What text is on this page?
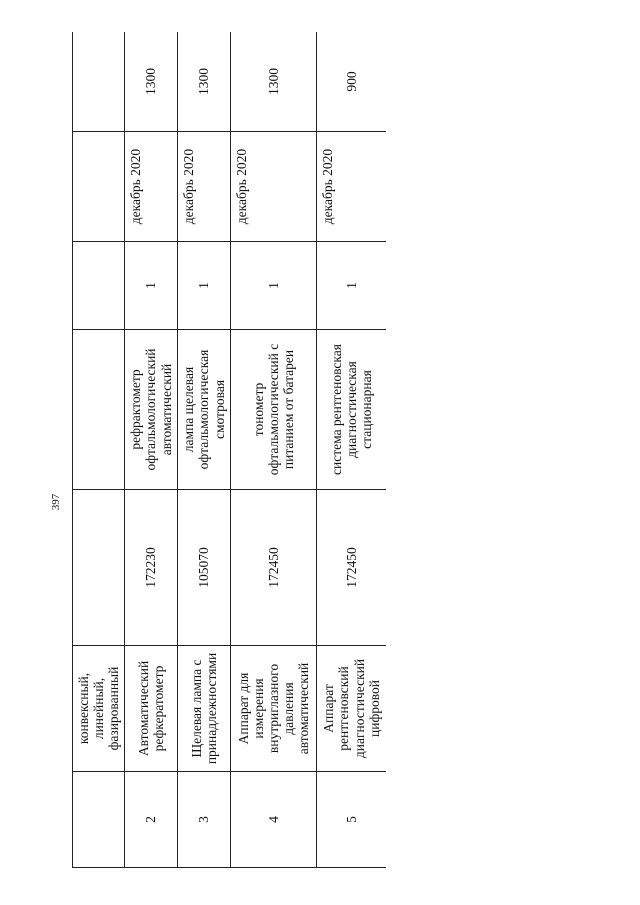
397
	конвексный, линейный, фазированный					
2	Автоматический рефкератометр	172230	рефрактометр офтальмологический автоматический	1	декабрь 2020	1300
3	Щелевая лампа с принадлежностями	105070	лампа щелевая офтальмологическая смотровая	1	декабрь 2020	1300
4	Аппарат для измерения внутриглазного давления автоматический	172450	тонометр офтальмологический с питанием от батареи	1	декабрь 2020	1300
5	Аппарат рентгеновский диагностический цифровой	172450	система рентгеновская диагностическая стационарная	1	декабрь 2020	900
